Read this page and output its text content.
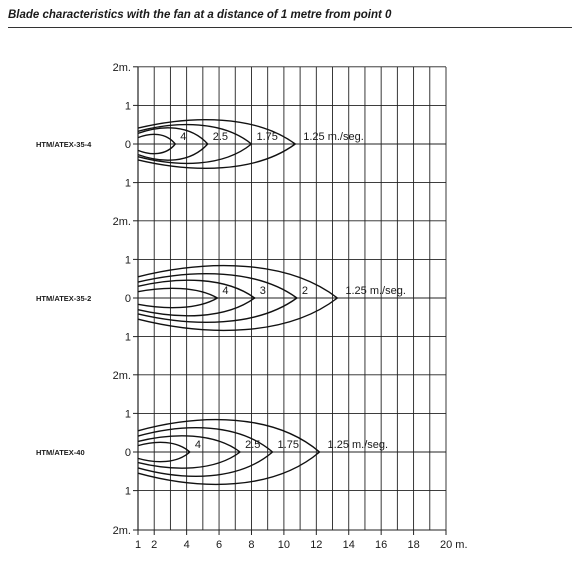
Blade characteristics with the fan at a distance of 1 metre from point 0
1 2 4 6 8 10 12 14 16 18 20 m.
2m.
1
0
1
2m.
1
0
1
2m.
1
0
1
2m.
HTM/ATEX-35-4
4 2.5	1.75 1.25 m./seg.
HTM/ATEX-35-2
4	3	2	1.25 m./seg.
HTM/ATEX-40
4	2.5 1.75	1.25 m./seg.
